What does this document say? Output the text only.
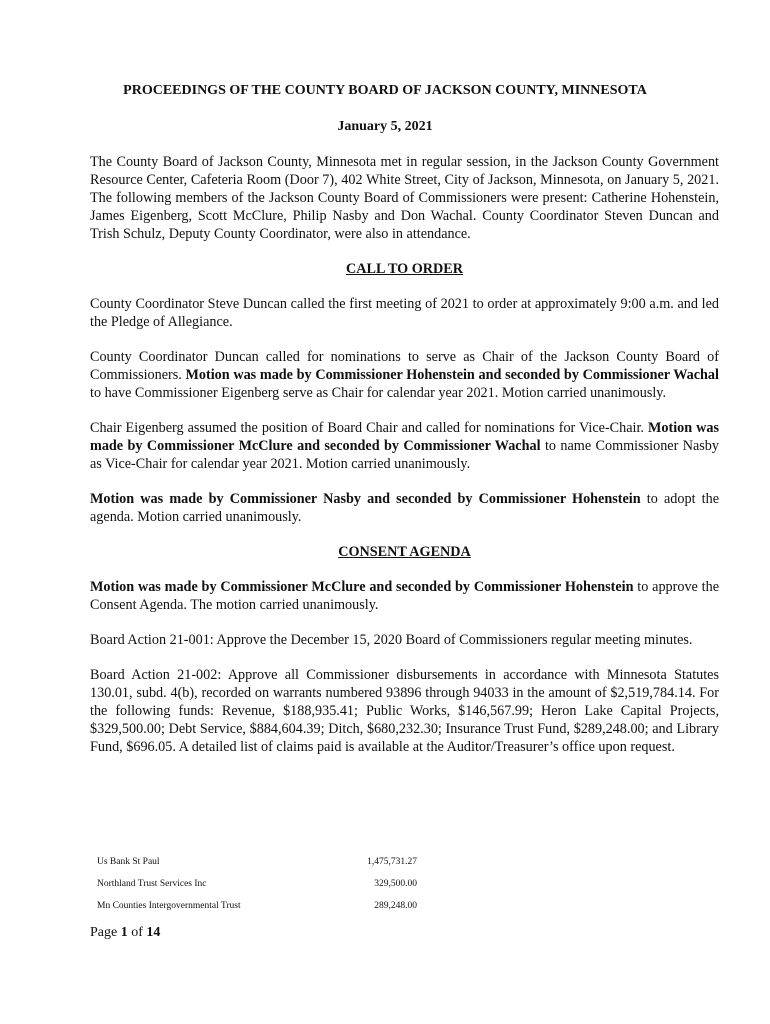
PROCEEDINGS OF THE COUNTY BOARD OF JACKSON COUNTY, MINNESOTA
January 5, 2021

The County Board of Jackson County, Minnesota met in regular session, in the Jackson County Government Resource Center, Cafeteria Room (Door 7), 402 White Street, City of Jackson, Minnesota, on January 5, 2021. The following members of the Jackson County Board of Commissioners were present: Catherine Hohenstein, James Eigenberg, Scott McClure, Philip Nasby and Don Wachal. County Coordinator Steven Duncan and Trish Schulz, Deputy County Coordinator, were also in attendance.

CALL TO ORDER

County Coordinator Steve Duncan called the first meeting of 2021 to order at approximately 9:00 a.m. and led the Pledge of Allegiance.

County Coordinator Duncan called for nominations to serve as Chair of the Jackson County Board of Commissioners. Motion was made by Commissioner Hohenstein and seconded by Commissioner Wachal to have Commissioner Eigenberg serve as Chair for calendar year 2021. Motion carried unanimously.

Chair Eigenberg assumed the position of Board Chair and called for nominations for Vice-Chair. Motion was made by Commissioner McClure and seconded by Commissioner Wachal to name Commissioner Nasby as Vice-Chair for calendar year 2021. Motion carried unanimously.

Motion was made by Commissioner Nasby and seconded by Commissioner Hohenstein to adopt the agenda. Motion carried unanimously.

CONSENT AGENDA

Motion was made by Commissioner McClure and seconded by Commissioner Hohenstein to approve the Consent Agenda. The motion carried unanimously.

Board Action 21-001: Approve the December 15, 2020 Board of Commissioners regular meeting minutes.

Board Action 21-002: Approve all Commissioner disbursements in accordance with Minnesota Statutes 130.01, subd. 4(b), recorded on warrants numbered 93896 through 94033 in the amount of $2,519,784.14. For the following funds: Revenue, $188,935.41; Public Works, $146,567.99; Heron Lake Capital Projects, $329,500.00; Debt Service, $884,604.39; Ditch, $680,232.30; Insurance Trust Fund, $289,248.00; and Library Fund, $696.05. A detailed list of claims paid is available at the Auditor/Treasurer’s office upon request.

Us Bank St Paul	1,475,731.27
Northland Trust Services Inc	329,500.00
Mn Counties Intergovernmental Trust	289,248.00
Page 1 of 14
